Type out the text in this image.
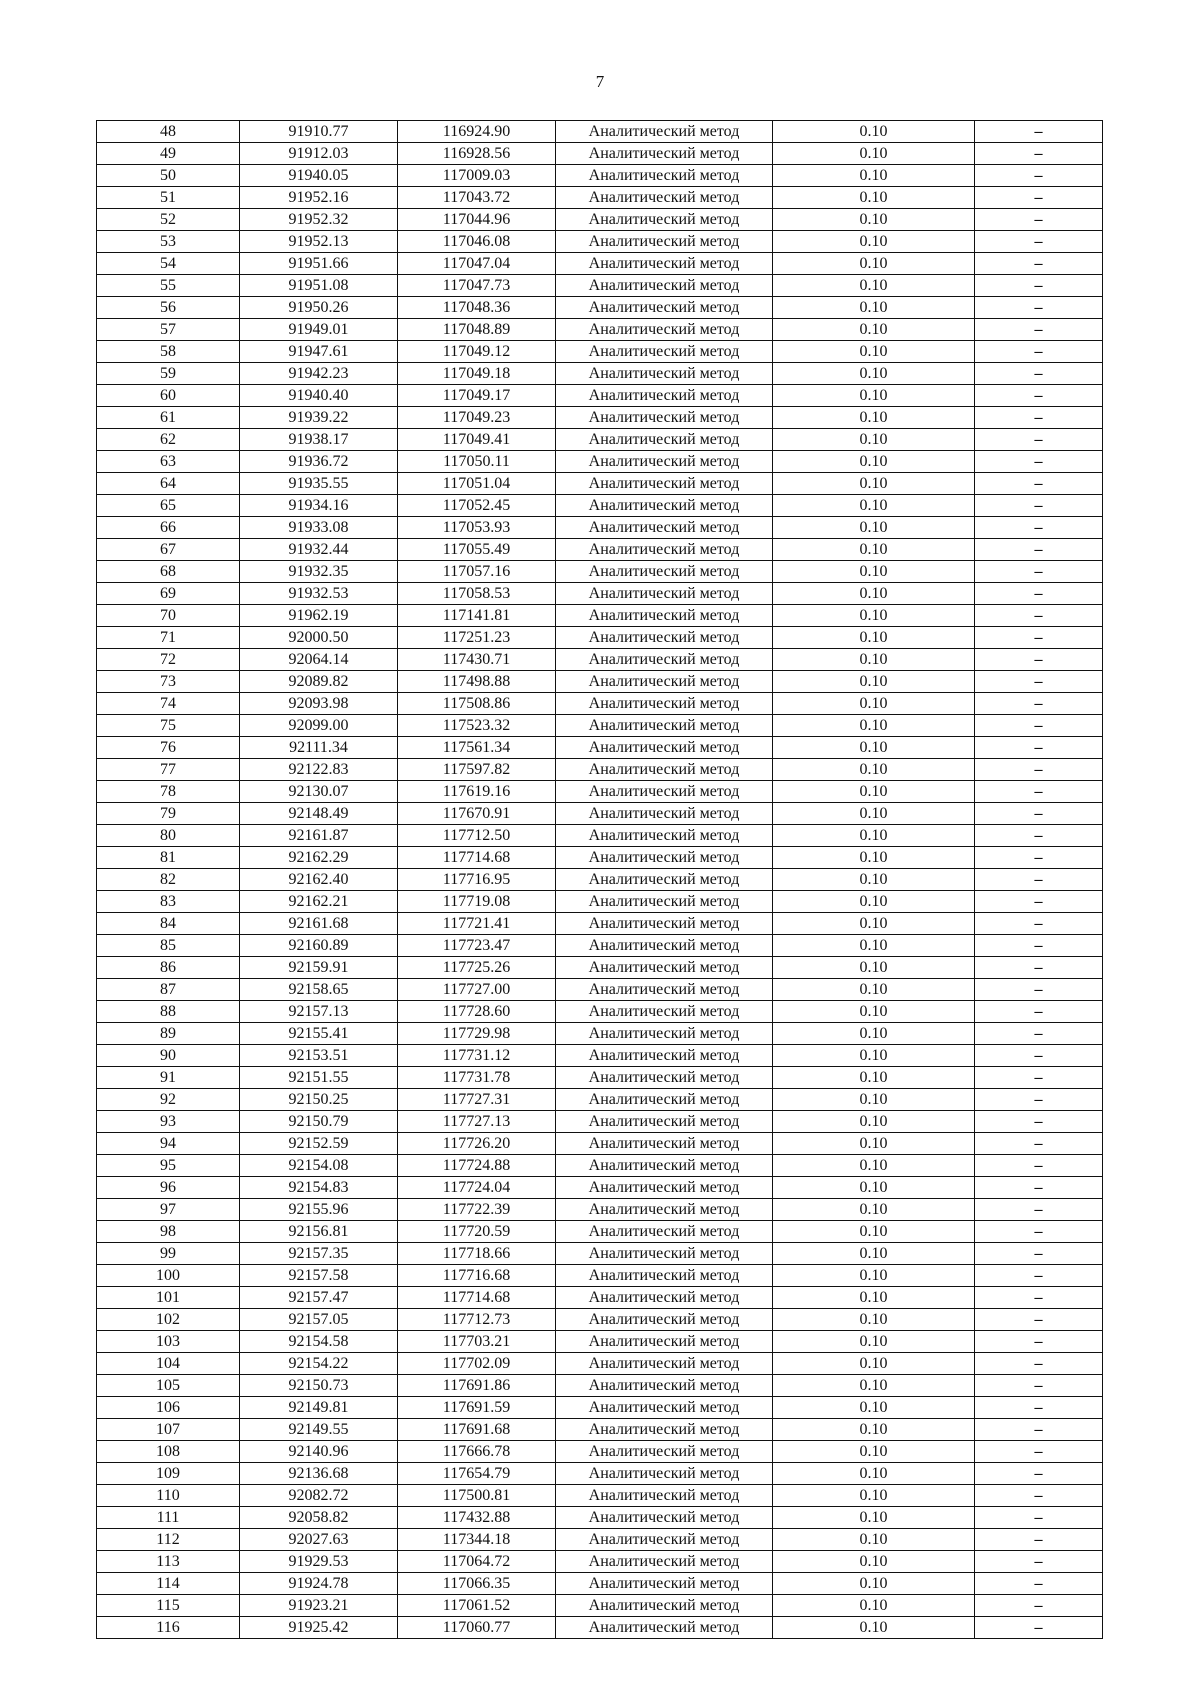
7
48	91910.77	116924.90	Аналитический метод	0.10	–
49	91912.03	116928.56	Аналитический метод	0.10	–
50	91940.05	117009.03	Аналитический метод	0.10	–
51	91952.16	117043.72	Аналитический метод	0.10	–
52	91952.32	117044.96	Аналитический метод	0.10	–
53	91952.13	117046.08	Аналитический метод	0.10	–
54	91951.66	117047.04	Аналитический метод	0.10	–
55	91951.08	117047.73	Аналитический метод	0.10	–
56	91950.26	117048.36	Аналитический метод	0.10	–
57	91949.01	117048.89	Аналитический метод	0.10	–
58	91947.61	117049.12	Аналитический метод	0.10	–
59	91942.23	117049.18	Аналитический метод	0.10	–
60	91940.40	117049.17	Аналитический метод	0.10	–
61	91939.22	117049.23	Аналитический метод	0.10	–
62	91938.17	117049.41	Аналитический метод	0.10	–
63	91936.72	117050.11	Аналитический метод	0.10	–
64	91935.55	117051.04	Аналитический метод	0.10	–
65	91934.16	117052.45	Аналитический метод	0.10	–
66	91933.08	117053.93	Аналитический метод	0.10	–
67	91932.44	117055.49	Аналитический метод	0.10	–
68	91932.35	117057.16	Аналитический метод	0.10	–
69	91932.53	117058.53	Аналитический метод	0.10	–
70	91962.19	117141.81	Аналитический метод	0.10	–
71	92000.50	117251.23	Аналитический метод	0.10	–
72	92064.14	117430.71	Аналитический метод	0.10	–
73	92089.82	117498.88	Аналитический метод	0.10	–
74	92093.98	117508.86	Аналитический метод	0.10	–
75	92099.00	117523.32	Аналитический метод	0.10	–
76	92111.34	117561.34	Аналитический метод	0.10	–
77	92122.83	117597.82	Аналитический метод	0.10	–
78	92130.07	117619.16	Аналитический метод	0.10	–
79	92148.49	117670.91	Аналитический метод	0.10	–
80	92161.87	117712.50	Аналитический метод	0.10	–
81	92162.29	117714.68	Аналитический метод	0.10	–
82	92162.40	117716.95	Аналитический метод	0.10	–
83	92162.21	117719.08	Аналитический метод	0.10	–
84	92161.68	117721.41	Аналитический метод	0.10	–
85	92160.89	117723.47	Аналитический метод	0.10	–
86	92159.91	117725.26	Аналитический метод	0.10	–
87	92158.65	117727.00	Аналитический метод	0.10	–
88	92157.13	117728.60	Аналитический метод	0.10	–
89	92155.41	117729.98	Аналитический метод	0.10	–
90	92153.51	117731.12	Аналитический метод	0.10	–
91	92151.55	117731.78	Аналитический метод	0.10	–
92	92150.25	117727.31	Аналитический метод	0.10	–
93	92150.79	117727.13	Аналитический метод	0.10	–
94	92152.59	117726.20	Аналитический метод	0.10	–
95	92154.08	117724.88	Аналитический метод	0.10	–
96	92154.83	117724.04	Аналитический метод	0.10	–
97	92155.96	117722.39	Аналитический метод	0.10	–
98	92156.81	117720.59	Аналитический метод	0.10	–
99	92157.35	117718.66	Аналитический метод	0.10	–
100	92157.58	117716.68	Аналитический метод	0.10	–
101	92157.47	117714.68	Аналитический метод	0.10	–
102	92157.05	117712.73	Аналитический метод	0.10	–
103	92154.58	117703.21	Аналитический метод	0.10	–
104	92154.22	117702.09	Аналитический метод	0.10	–
105	92150.73	117691.86	Аналитический метод	0.10	–
106	92149.81	117691.59	Аналитический метод	0.10	–
107	92149.55	117691.68	Аналитический метод	0.10	–
108	92140.96	117666.78	Аналитический метод	0.10	–
109	92136.68	117654.79	Аналитический метод	0.10	–
110	92082.72	117500.81	Аналитический метод	0.10	–
111	92058.82	117432.88	Аналитический метод	0.10	–
112	92027.63	117344.18	Аналитический метод	0.10	–
113	91929.53	117064.72	Аналитический метод	0.10	–
114	91924.78	117066.35	Аналитический метод	0.10	–
115	91923.21	117061.52	Аналитический метод	0.10	–
116	91925.42	117060.77	Аналитический метод	0.10	–
